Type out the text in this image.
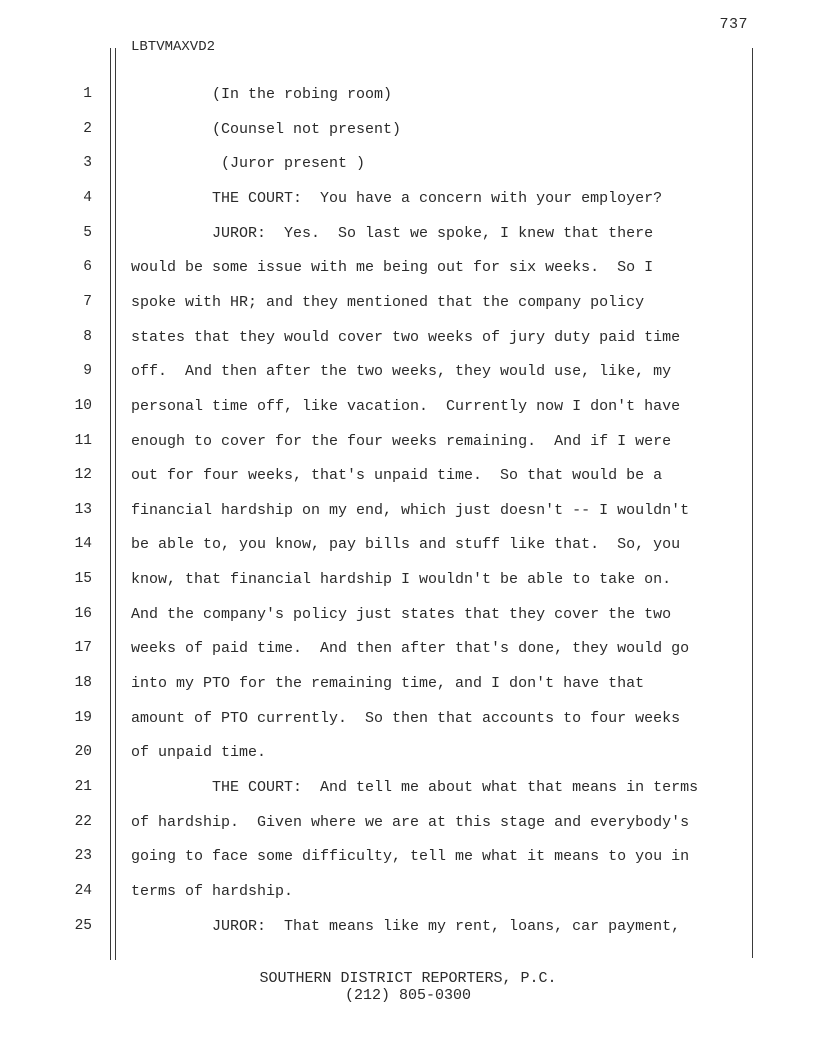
737
LBTVMAXVD2
1	(In the robing room)
2	(Counsel not present)
3	(Juror present )
4	THE COURT:  You have a concern with your employer?
5	JUROR:  Yes.  So last we spoke, I knew that there
6	would be some issue with me being out for six weeks.  So I
7	spoke with HR; and they mentioned that the company policy
8	states that they would cover two weeks of jury duty paid time
9	off.  And then after the two weeks, they would use, like, my
10	personal time off, like vacation.  Currently now I don't have
11	enough to cover for the four weeks remaining.  And if I were
12	out for four weeks, that's unpaid time.  So that would be a
13	financial hardship on my end, which just doesn't -- I wouldn't
14	be able to, you know, pay bills and stuff like that.  So, you
15	know, that financial hardship I wouldn't be able to take on.
16	And the company's policy just states that they cover the two
17	weeks of paid time.  And then after that's done, they would go
18	into my PTO for the remaining time, and I don't have that
19	amount of PTO currently.  So then that accounts to four weeks
20	of unpaid time.
21	THE COURT:  And tell me about what that means in terms
22	of hardship.  Given where we are at this stage and everybody's
23	going to face some difficulty, tell me what it means to you in
24	terms of hardship.
25	JUROR:  That means like my rent, loans, car payment,
SOUTHERN DISTRICT REPORTERS, P.C.
(212) 805-0300
